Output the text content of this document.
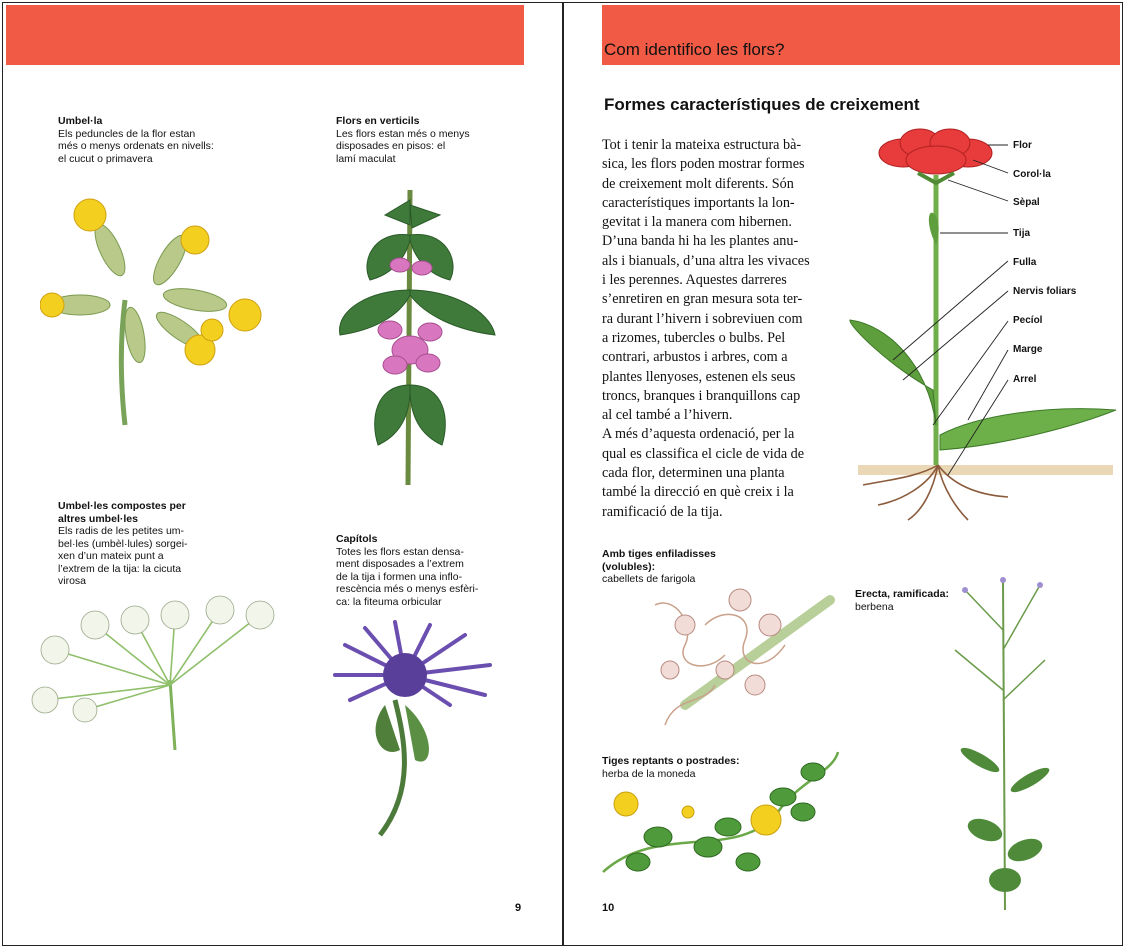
Com identifico les flors?
Formes característiques de creixement
Umbel·la
Els peduncles de la flor estan
més o menys ordenats en nivells:
el cucut o primavera
Flors en verticils
Les flors estan més o menys
disposades en pisos: el
lamí maculat
Umbel·les compostes per
altres umbel·les
Els radis de les petites um-
bel·les (umbèl·lules) sorgei-
xen d’un mateix punt a
l’extrem de la tija: la cicuta
virosa
Capítols
Totes les flors estan densa-
ment disposades a l’extrem
de la tija i formen una inflo-
rescència més o menys esfèri-
ca: la fiteuma orbicular
9

Tot i tenir la mateixa estructura bà-

sica, les flors poden mostrar formes

de creixement molt diferents. Són

característiques importants la lon-

gevitat i la manera com hibernen.

D’una banda hi ha les plantes anu-

als i bianuals, d’una altra les vivaces

i les perennes. Aquestes darreres

s’enretiren en gran mesura sota ter-

ra durant l’hivern i sobreviuen com

a rizomes, tubercles o bulbs. Pel

contrari, arbustos i arbres, com a

plantes llenyoses, estenen els seus

troncs, branques i branquillons cap

al cel també a l’hivern.

A més d’aquesta ordenació, per la

qual es classifica el cicle de vida de

cada flor, determinen una planta

també la direcció en què creix i la

ramificació de la tija.

Flor
Corol·la
Sèpal
Tija
Fulla
Nervis foliars
Pecíol
Marge
Arrel
Amb tiges enfiladisses
(volubles):
cabellets de farigola
Erecta, ramificada:
berbena
Tiges reptants o postrades:
herba de la moneda
10
